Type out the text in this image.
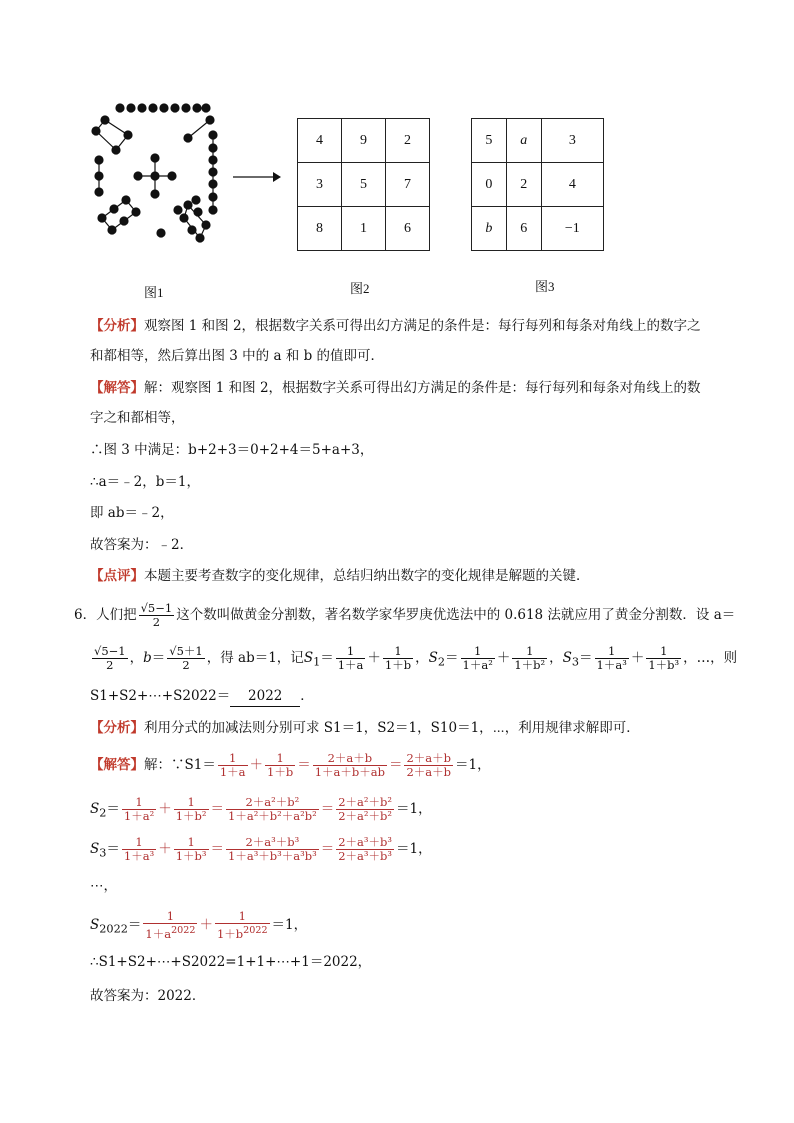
图1
4	9	2
3	5	7
8	1	6
图2
5	a	3
0	2	4
b	6	−1
图3
【分析】观察图 1 和图 2，根据数字关系可得出幻方满足的条件是：每行每列和每条对角线上的数字之
和都相等，然后算出图 3 中的 a 和 b 的值即可．
【解答】解：观察图 1 和图 2，根据数字关系可得出幻方满足的条件是：每行每列和每条对角线上的数
字之和都相等，
∴图 3 中满足：b+2+3＝0+2+4＝5+a+3，
∴a＝﹣2，b＝1，
即 ab＝﹣2，
故答案为：﹣2．
【点评】本题主要考查数字的变化规律，总结归纳出数字的变化规律是解题的关键．
6．人们把 $\frac{√5-1}{2}$ 这个数叫做黄金分割数，著名数学家华罗庚优选法中的 0.618 法就应用了黄金分割数．设 a＝
$\frac{√5-1}{2}$ ，$b= \frac{√5+1}{2}$ ，得 ab＝1，记$S_1= \frac{1}{1+a} + \frac{1}{1+b}$ ，$S_2= \frac{1}{\text{1＋a²}} + \frac{1}{\text{1＋b²}}$ ，$S_3= \frac{1}{\text{1＋a³}} + \frac{1}{\text{1＋b³}}$ ，…，则
S1+S2+⋯+S2022＝ 2022 ．
【分析】利用分式的加减法则分别可求 S1＝1，S2＝1，S10＝1，⋯，利用规律求解即可．
【解答】解：∵S1＝ $\frac{1}{1+a} + \frac{1}{1+b} = \frac{2+a+b}{1+a+b+ab} = \frac{2+a+b}{2+a+b} =1$，
$S_2= \frac{1}{\text{1＋a²}} + \frac{1}{\text{1＋b²}} = \frac{\text{2＋a²＋b²}}{\text{1＋a²＋b²＋a²b²}} = \frac{\text{2＋a²＋b²}}{\text{2＋a²＋b²}} =1$，
$S_3= \frac{1}{\text{1＋a³}} + \frac{1}{\text{1＋b³}} = \frac{\text{2＋a³＋b³}}{\text{1＋a³＋b³＋a³b³}} = \frac{\text{2＋a³＋b³}}{\text{2＋a³＋b³}} =1$，
⋯，
$S_{2022}= \frac{1}{1+a^{2022}} + \frac{1}{1+b^{2022}} =1$，
∴S1+S2+⋯+S2022=1+1+⋯+1＝2022，
故答案为：2022．
